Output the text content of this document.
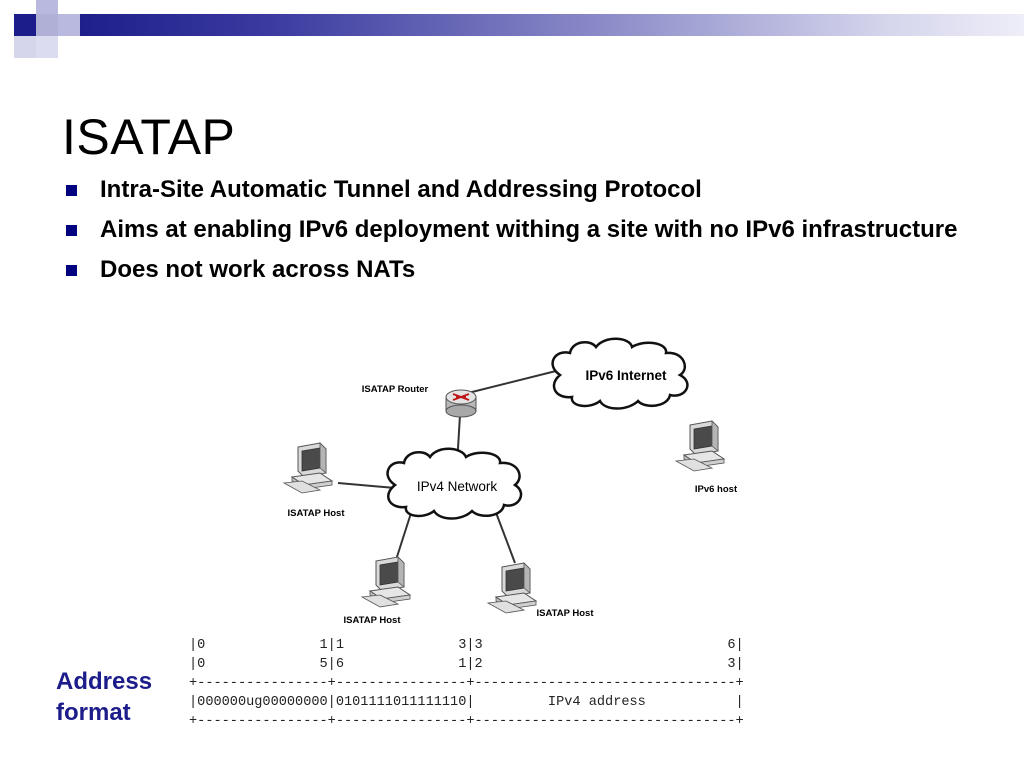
ISATAP
Intra-Site Automatic Tunnel and Addressing Protocol
Aims at enabling IPv6 deployment withing a site with no IPv6 infrastructure
Does not work across NATs
IPv6 Internet
IPv4 Network
ISATAP Router
ISATAP Host
ISATAP Host
ISATAP Host
IPv6 host
Address
format
|0              1|1              3|3                              6|
|0              5|6              1|2                              3|
+----------------+----------------+--------------------------------+
|000000ug00000000|0101111011111110|         IPv4 address           |
+----------------+----------------+--------------------------------+
